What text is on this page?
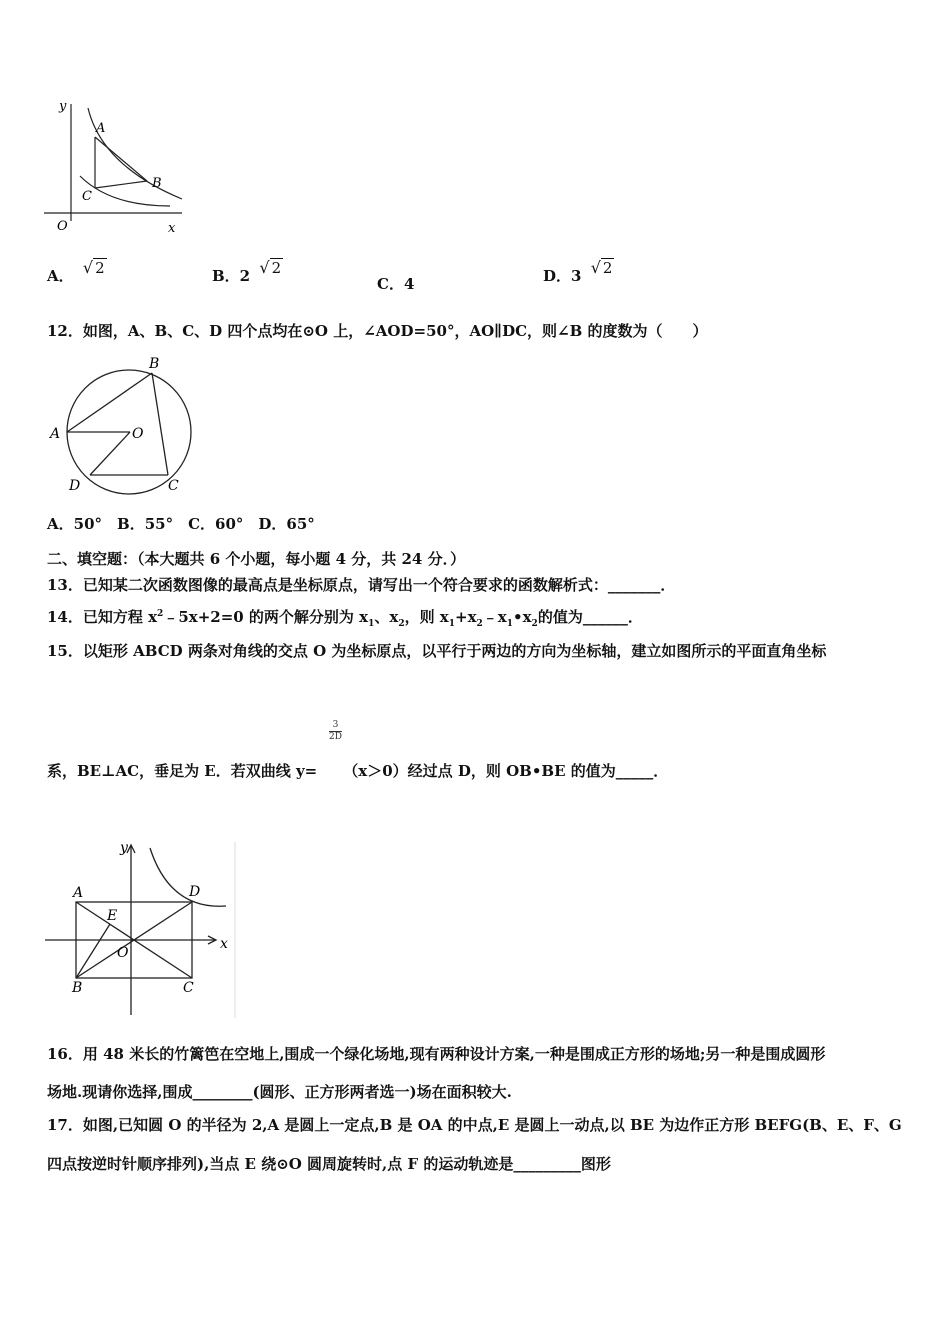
y
A
B
C
O	x
A． √ 2	B．2 √ 2
C．4	D．3 √ 2
12．如图，A、B、C、D 四个点均在⊙O 上，∠AOD=50°，AO∥DC，则∠B 的度数为（　　）
B
A	O
D	C
A．50°　B．55°　C．60°　D．65°
二、填空题：（本大题共 6 个小题，每小题 4 分，共 24 分．）
13．已知某二次函数图像的最高点是坐标原点，请写出一个符合要求的函数解析式：_______．
14．已知方程 $x^2﹣5x+2=0$ 的两个解分别为 $x_1$、$x_2$，则 $x_1+x_2﹣x_1•x_2$的值为______．
15．以矩形 ABCD 两条对角线的交点 O 为坐标原点，以平行于两边的方向为坐标轴，建立如图所示的平面直角坐标
$\frac{3}{2D}$
系，BE⊥AC，垂足为 E．若双曲线 y= （x＞0）经过点 D，则 OB•BE 的值为_____．
y
A	D
E
O
x
B	C
16．用 48 米长的竹篱笆在空地上,围成一个绿化场地,现有两种设计方案,一种是围成正方形的场地;另一种是围成圆形
场地.现请你选择,围成________(圆形、正方形两者选一)场在面积较大.
17．如图,已知圆 O 的半径为 2,A 是圆上一定点,B 是 OA 的中点,E 是圆上一动点,以 BE 为边作正方形 BEFG(B、E、F、G
四点按逆时针顺序排列),当点 E 绕⊙O 圆周旋转时,点 F 的运动轨迹是_________图形
